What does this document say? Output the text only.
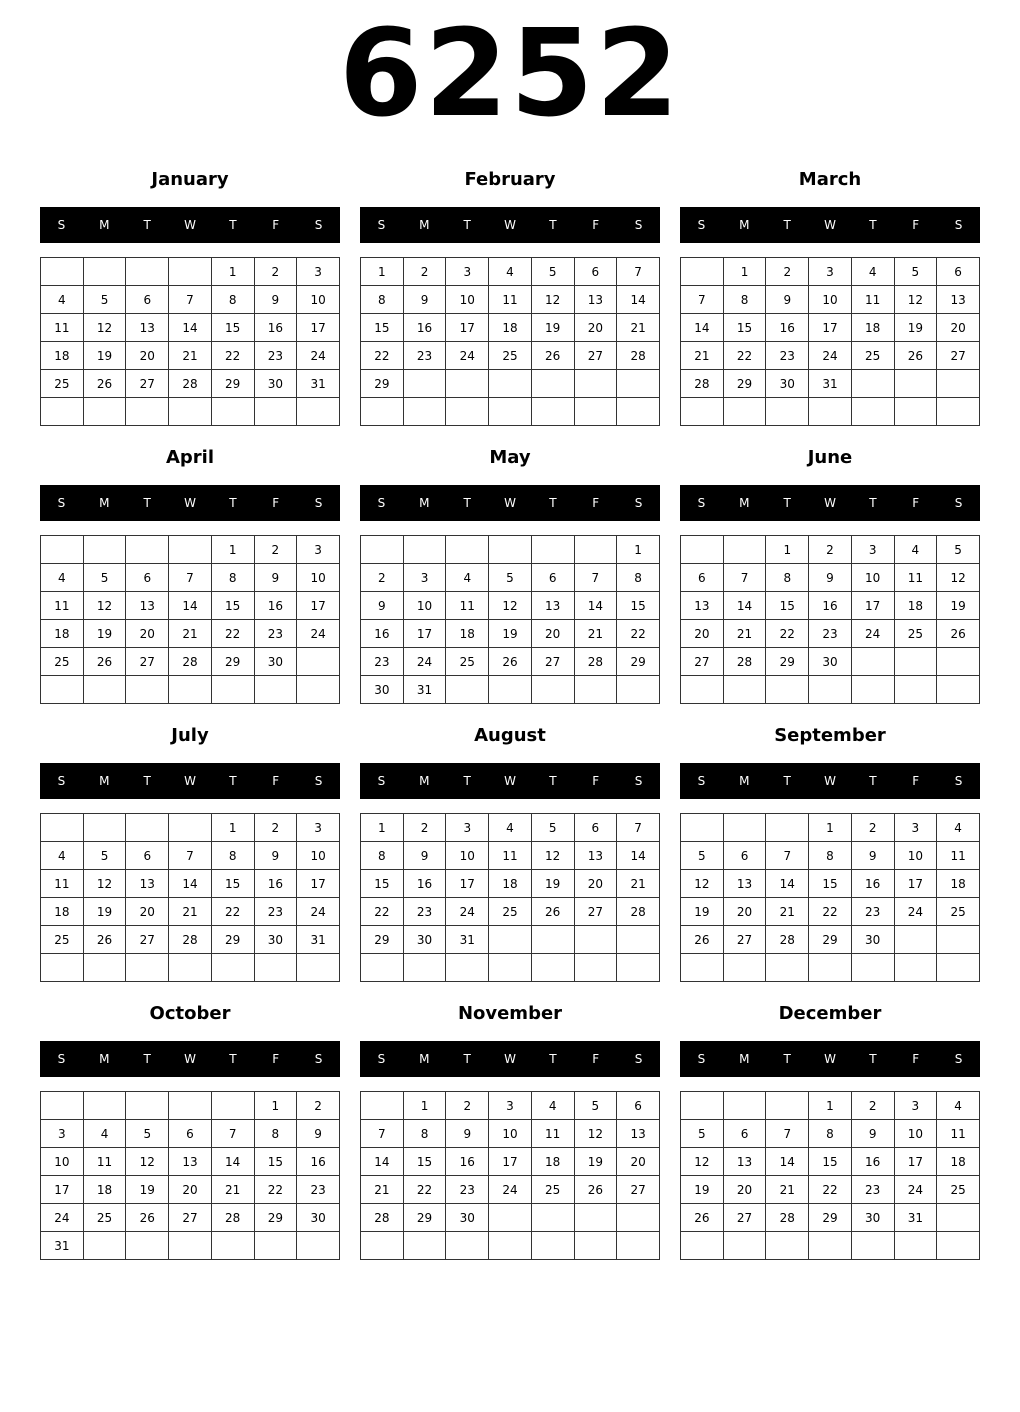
6252
January
S	M	T	W	T	F	S
				1	2	3
4	5	6	7	8	9	10
11	12	13	14	15	16	17
18	19	20	21	22	23	24
25	26	27	28	29	30	31

February
S	M	T	W	T	F	S
1	2	3	4	5	6	7
8	9	10	11	12	13	14
15	16	17	18	19	20	21
22	23	24	25	26	27	28
29						

March
S	M	T	W	T	F	S
	1	2	3	4	5	6
7	8	9	10	11	12	13
14	15	16	17	18	19	20
21	22	23	24	25	26	27
28	29	30	31			

April
S	M	T	W	T	F	S
				1	2	3
4	5	6	7	8	9	10
11	12	13	14	15	16	17
18	19	20	21	22	23	24
25	26	27	28	29	30	

May
S	M	T	W	T	F	S
						1
2	3	4	5	6	7	8
9	10	11	12	13	14	15
16	17	18	19	20	21	22
23	24	25	26	27	28	29
30	31					
June
S	M	T	W	T	F	S
		1	2	3	4	5
6	7	8	9	10	11	12
13	14	15	16	17	18	19
20	21	22	23	24	25	26
27	28	29	30			

July
S	M	T	W	T	F	S
				1	2	3
4	5	6	7	8	9	10
11	12	13	14	15	16	17
18	19	20	21	22	23	24
25	26	27	28	29	30	31

August
S	M	T	W	T	F	S
1	2	3	4	5	6	7
8	9	10	11	12	13	14
15	16	17	18	19	20	21
22	23	24	25	26	27	28
29	30	31				

September
S	M	T	W	T	F	S
			1	2	3	4
5	6	7	8	9	10	11
12	13	14	15	16	17	18
19	20	21	22	23	24	25
26	27	28	29	30		

October
S	M	T	W	T	F	S
					1	2
3	4	5	6	7	8	9
10	11	12	13	14	15	16
17	18	19	20	21	22	23
24	25	26	27	28	29	30
31						
November
S	M	T	W	T	F	S
	1	2	3	4	5	6
7	8	9	10	11	12	13
14	15	16	17	18	19	20
21	22	23	24	25	26	27
28	29	30				

December
S	M	T	W	T	F	S
			1	2	3	4
5	6	7	8	9	10	11
12	13	14	15	16	17	18
19	20	21	22	23	24	25
26	27	28	29	30	31	
